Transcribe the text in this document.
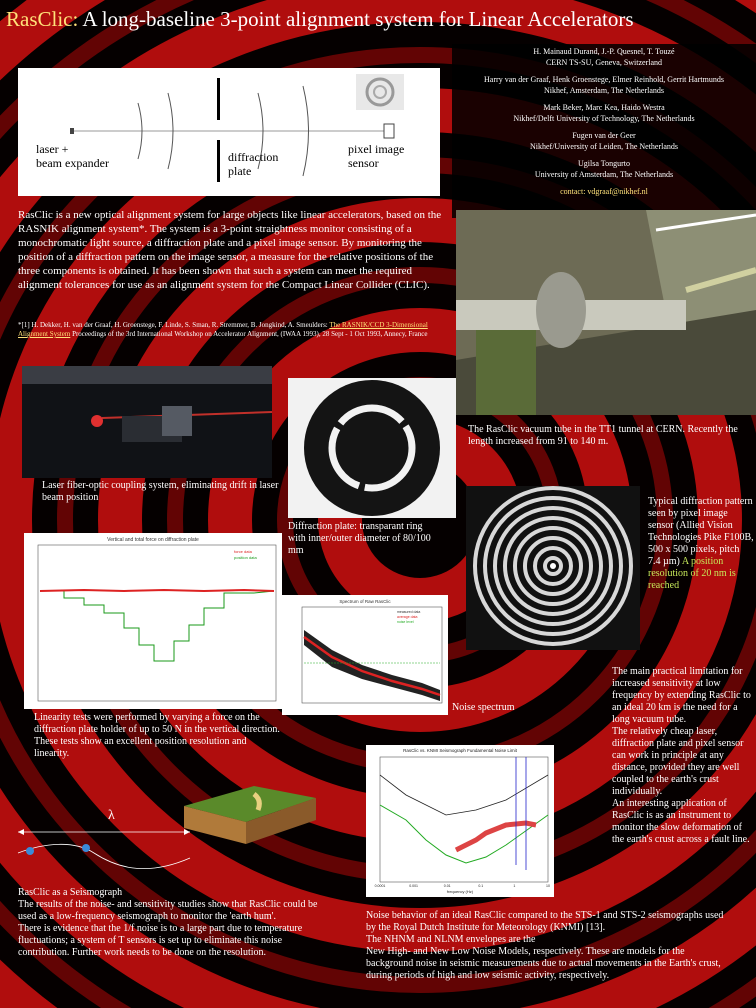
RasClic: A long-baseline 3-point alignment system for Linear Accelerators
H. Mainaud Durand, J.-P. Quesnel, T. Touzé
CERN TS-SU, Geneva, Switzerland
Harry van der Graaf, Henk Groenstege, Elmer Reinhold, Gerrit Hartmunds
Nikhef, Amsterdam, The Netherlands
Mark Beker, Marc Kea, Haido Westra
Nikhef/Delft University of Technology, The Netherlands
Fugen van der Geer
Nikhef/University of Leiden, The Netherlands
Ugilsa Tongurto
University of Amsterdam, The Netherlands
contact: vdgraaf@nikhef.nl
laser +
beam expander	diffraction
plate
pixel image
sensor
RasClic is a new optical alignment system for large objects like linear accelerators, based on the RASNIK alignment system*. The system is a 3-point straightness monitor consisting of a monochromatic light source, a diffraction plate and a pixel image sensor. By monitoring the position of a diffraction pattern on the image sensor, a measure for the relative positions of the three components is obtained. It has been shown that such a system can meet the required alignment tolerances for use as an alignment system for the Compact Linear Collider (CLIC).
*[1] H. Dekker, H. van der Graaf, H. Groenstege, F. Linde, S. Sman, R. Stremmer, B. Jongkind, A. Smeulders: The RASNIK/CCD 3-Dimensional Alignment System Proceedings of the 3rd International Workshop on Accelerator Alignment, (IWAA 1993), 28 Sept - 1 Oct 1993, Annecy, France
The RasClic vacuum tube in the TT1 tunnel at CERN. Recently the length increased from 91 to 140 m.
Laser fiber-optic coupling system, eliminating drift in laser beam position
Diffraction plate: transparant ring with inner/outer diameter of 80/100 mm
Typical diffraction pattern seen by pixel image sensor (Allied Vision Technologies Pike F100B, 500 x 500 pixels, pitch 7.4 µm) A position resolution of 20 nm is reached
Vertical and total force on diffraction plate
force data
position data
Linearity tests were performed by varying a force on the diffraction plate holder of up to 50 N in the vertical direction. These tests show an excellent position resolution and linearity.
Spectrum of Raw RasClic
measured data
average data
noise level
Noise spectrum
The main practical limitation for increased sensitivity at low frequency by extending RasClic to an ideal 20 km is the need for a long vacuum tube.
The relatively cheap laser, diffraction plate and pixel sensor can work in principle at any distance, provided they are well coupled to the earth's crust individually.
An interesting application of RasClic is as an instrument to monitor the slow deformation of the earth's crust across a fault line.
λ
RasClic as a Seismograph
The results of the noise- and sensitivity studies show that RasClic could be used as a low-frequency seismograph to monitor the 'earth hum'.
There is evidence that the 1/f noise is to a large part due to temperature fluctuations; a system of T sensors is set up to eliminate this noise contribution. Further work needs to be done on the resolution.
RasClic vs. KNMI Seismograph Fundamental Noise Limit
frequency (Hz)
0.0001	0.001	0.01	0.1	1	10
Noise behavior of an ideal RasClic compared to the STS-1 and STS-2 seismographs used by the Royal Dutch Institute for Meteorology (KNMI) [13].
The NHNM and NLNM envelopes are the
New High- and New Low Noise Models, respectively. These are models for the background noise in seismic measurements due to actual movements in the Earth's crust, during periods of high and low seismic activity, respectively.
